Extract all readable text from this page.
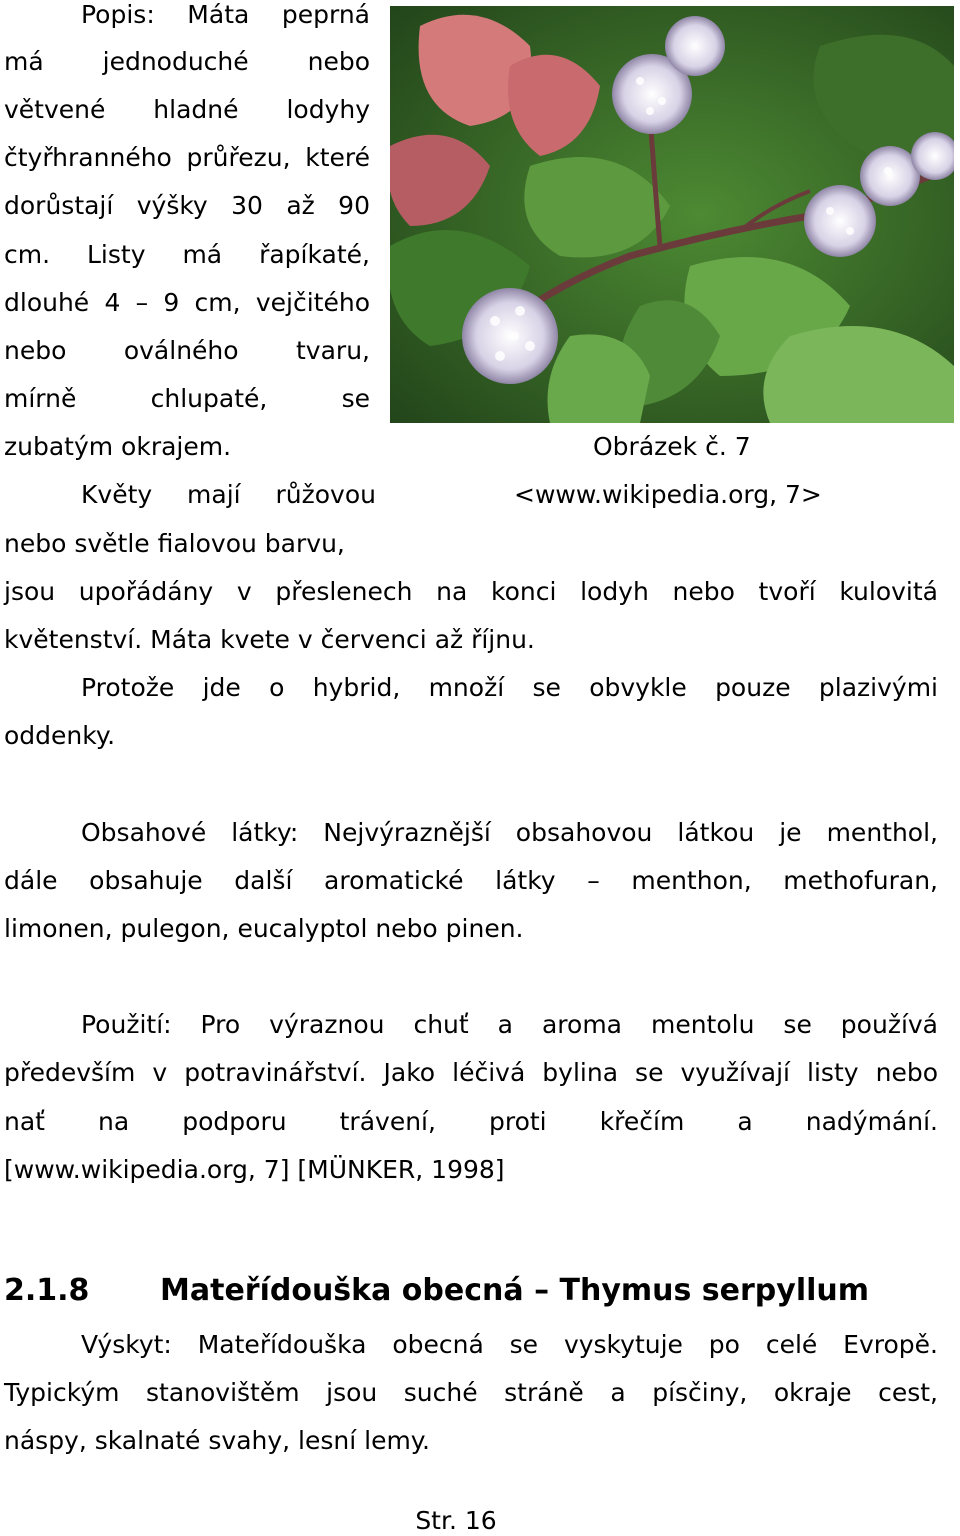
Popis: Máta peprná
má jednoduché nebo
větvené hladné lodyhy
čtyřhranného průřezu, které
dorůstají výšky 30 až 90
cm. Listy má řapíkaté,
dlouhé 4 – 9 cm, vejčitého
nebo oválného tvaru,
mírně chlupaté, se
zubatým okrajem.
Květy mají růžovou
nebo světle fialovou barvu,
jsou upořádány v přeslenech na konci lodyh nebo tvoří kulovitá
květenství. Máta kvete v červenci až říjnu.
Protože jde o hybrid, množí se obvykle pouze plazivými
oddenky.
Obrázek č. 7
<www.wikipedia.org, 7>
Obsahové látky: Nejvýraznější obsahovou látkou je menthol,
dále obsahuje další aromatické látky – menthon, methofuran,
limonen, pulegon, eucalyptol nebo pinen.
Použití: Pro výraznou chuť a aroma mentolu se používá
především v potravinářství. Jako léčivá bylina se využívají listy nebo
nať na podporu trávení, proti křečím a nadýmání.
[www.wikipedia.org, 7] [MÜNKER, 1998]
2.1.8 Mateřídouška obecná – Thymus serpyllum
Výskyt: Mateřídouška obecná se vyskytuje po celé Evropě.
Typickým stanovištěm jsou suché stráně a písčiny, okraje cest,
náspy, skalnaté svahy, lesní lemy.
Str. 16
